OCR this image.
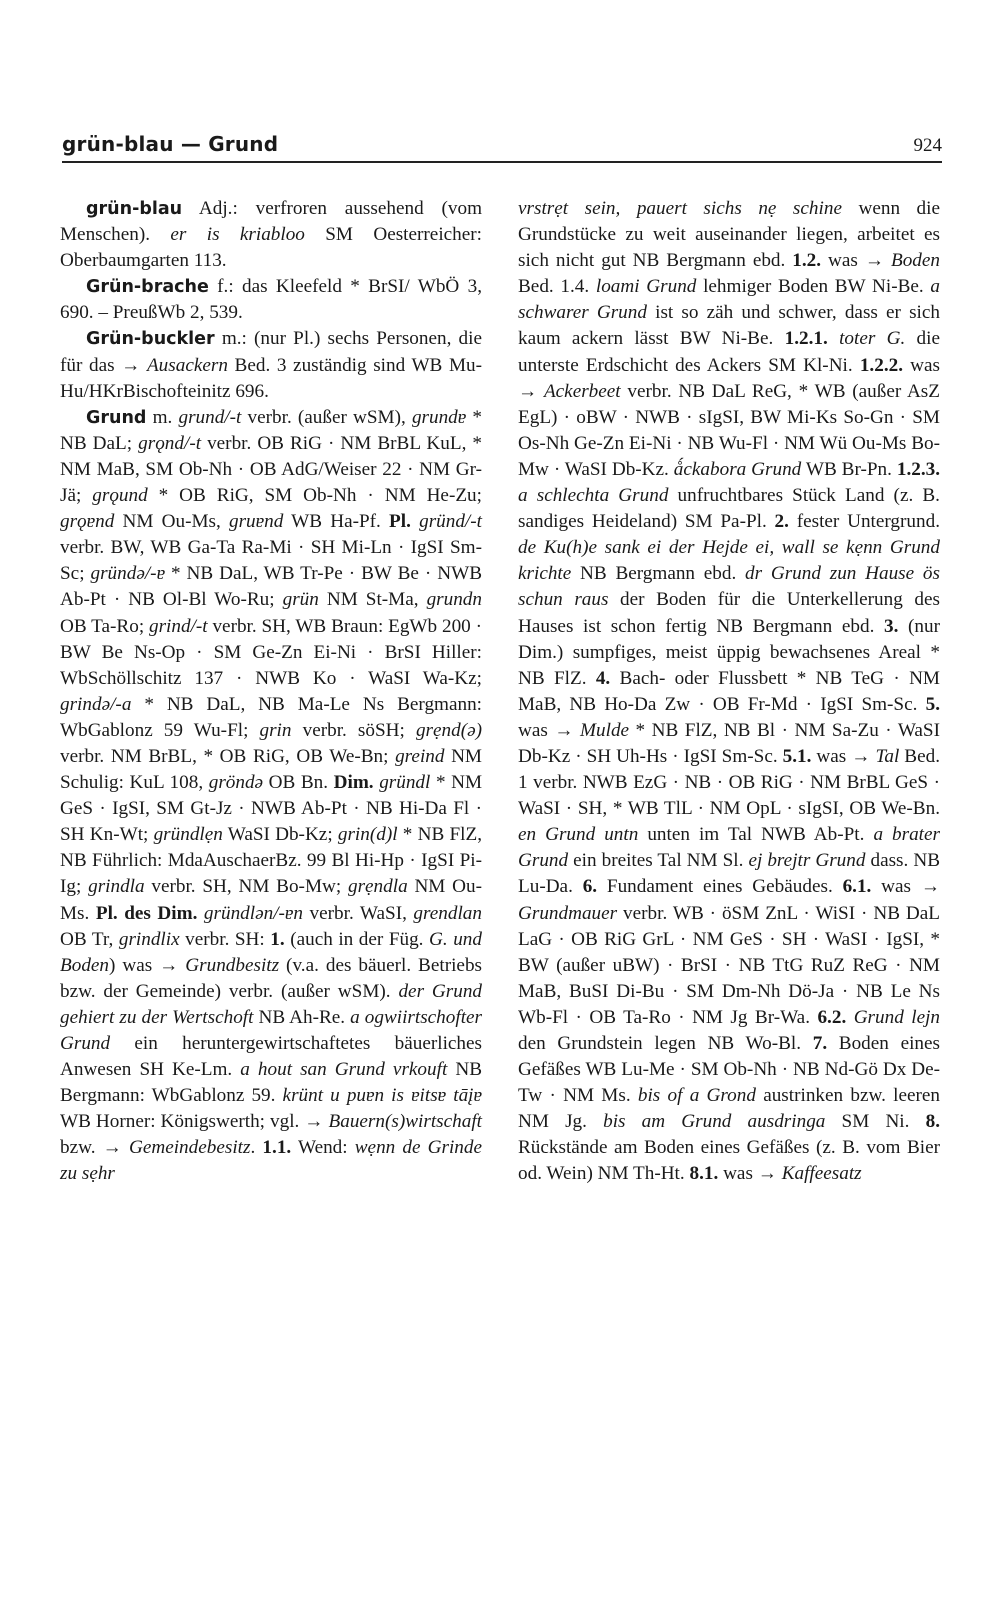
grün-blau — Grund	924

grün-blau Adj.: verfroren aussehend (vom Menschen). er is kriabloo SM Oesterreicher: Oberbaumgarten 113.

Grün-brache f.: das Kleefeld * BrSI/ WbÖ 3, 690. – PreußWb 2, 539.

Grün-buckler m.: (nur Pl.) sechs Personen, die für das → Ausackern Bed. 3 zuständig sind WB Mu-Hu/HKrBischofteinitz 696.

Grund m. grund/-t verbr. (außer wSM), grundɐ * NB DaL; grǫnd/-t verbr. OB RiG · NM BrBL KuL, * NM MaB, SM Ob-Nh · OB AdG/Weiser 22 · NM Gr-Jä; grǫund * OB RiG, SM Ob-Nh · NM He-Zu; grǫɐnd NM Ou-Ms, gruɐnd WB Ha-Pf. Pl. gründ/-t verbr. BW, WB Ga-Ta Ra-Mi · SH Mi-Ln · IgSI Sm-Sc; gründə/-ɐ * NB DaL, WB Tr-Pe · BW Be · NWB Ab-Pt · NB Ol-Bl Wo-Ru; grün NM St-Ma, grundn OB Ta-Ro; grind/-t verbr. SH, WB Braun: EgWb 200 · BW Be Ns-Op · SM Ge-Zn Ei-Ni · BrSI Hiller: WbSchöllschitz 137 · NWB Ko · WaSI Wa-Kz; grində/-a * NB DaL, NB Ma-Le Ns Bergmann: WbGablonz 59 Wu-Fl; grin verbr. söSH; grẹnd(ə) verbr. NM BrBL, * OB RiG, OB We-Bn; greind NM Schulig: KuL 108, gröndə OB Bn. Dim. gründl * NM GeS · IgSI, SM Gt-Jz · NWB Ab-Pt · NB Hi-Da Fl · SH Kn-Wt; gründlẹn WaSI Db-Kz; grin(d)l * NB FlZ, NB Führlich: MdaAuschaerBz. 99 Bl Hi-Hp · IgSI Pi-Ig; grindla verbr. SH, NM Bo-Mw; grẹndla NM Ou-Ms. Pl. des Dim. gründlən/-ɐn verbr. WaSI, grendlan OB Tr, grindlix verbr. SH: 1. (auch in der Füg. G. und Boden) was → Grundbesitz (v.a. des bäuerl. Betriebs bzw. der Gemeinde) verbr. (außer wSM). der Grund gehiert zu der Wertschoft NB Ah-Re. a ogwiirtschofter Grund ein heruntergewirtschaftetes bäuerliches Anwesen SH Ke-Lm. a hout san Grund vrkouft NB Bergmann: WbGablonz 59. krünt u puɐn is ɐitsɐ tāįɐ WB Horner: Königswerth; vgl. → Bauern(s)wirtschaft bzw. → Gemeindebesitz. 1.1. Wend: wẹnn de Grinde zu sẹhr

vrstrẹt sein, pauert sichs nẹ schine wenn die Grundstücke zu weit auseinander liegen, arbeitet es sich nicht gut NB Bergmann ebd. 1.2. was → Boden Bed. 1.4. loami Grund lehmiger Boden BW Ni-Be. a schwarer Grund ist so zäh und schwer, dass er sich kaum ackern lässt BW Ni-Be. 1.2.1. toter G. die unterste Erdschicht des Ackers SM Kl-Ni. 1.2.2. was → Ackerbeet verbr. NB DaL ReG, * WB (außer AsZ EgL) · oBW · NWB · sIgSI, BW Mi-Ks So-Gn · SM Os-Nh Ge-Zn Ei-Ni · NB Wu-Fl · NM Wü Ou-Ms Bo-Mw · WaSI Db-Kz. ǻckabora Grund WB Br-Pn. 1.2.3. a schlechta Grund unfruchtbares Stück Land (z. B. sandiges Heideland) SM Pa-Pl. 2. fester Untergrund. de Ku(h)e sank ei der Hejde ei, wall se kẹnn Grund krichte NB Bergmann ebd. dr Grund zun Hause ös schun raus der Boden für die Unterkellerung des Hauses ist schon fertig NB Bergmann ebd. 3. (nur Dim.) sumpfiges, meist üppig bewachsenes Areal * NB FlZ. 4. Bach- oder Flussbett * NB TeG · NM MaB, NB Ho-Da Zw · OB Fr-Md · IgSI Sm-Sc. 5. was → Mulde * NB FlZ, NB Bl · NM Sa-Zu · WaSI Db-Kz · SH Uh-Hs · IgSI Sm-Sc. 5.1. was → Tal Bed. 1 verbr. NWB EzG · NB · OB RiG · NM BrBL GeS · WaSI · SH, * WB TlL · NM OpL · sIgSI, OB We-Bn. en Grund untn unten im Tal NWB Ab-Pt. a brater Grund ein breites Tal NM Sl. ej brejtr Grund dass. NB Lu-Da. 6. Fundament eines Gebäudes. 6.1. was → Grundmauer verbr. WB · öSM ZnL · WiSI · NB DaL LaG · OB RiG GrL · NM GeS · SH · WaSI · IgSI, * BW (außer uBW) · BrSI · NB TtG RuZ ReG · NM MaB, BuSI Di-Bu · SM Dm-Nh Dö-Ja · NB Le Ns Wb-Fl · OB Ta-Ro · NM Jg Br-Wa. 6.2. Grund lejn den Grundstein legen NB Wo-Bl. 7. Boden eines Gefäßes WB Lu-Me · SM Ob-Nh · NB Nd-Gö Dx De-Tw · NM Ms. bis of a Grond austrinken bzw. leeren NM Jg. bis am Grund ausdringa SM Ni. 8. Rückstände am Boden eines Gefäßes (z. B. vom Bier od. Wein) NM Th-Ht. 8.1. was → Kaffeesatz
